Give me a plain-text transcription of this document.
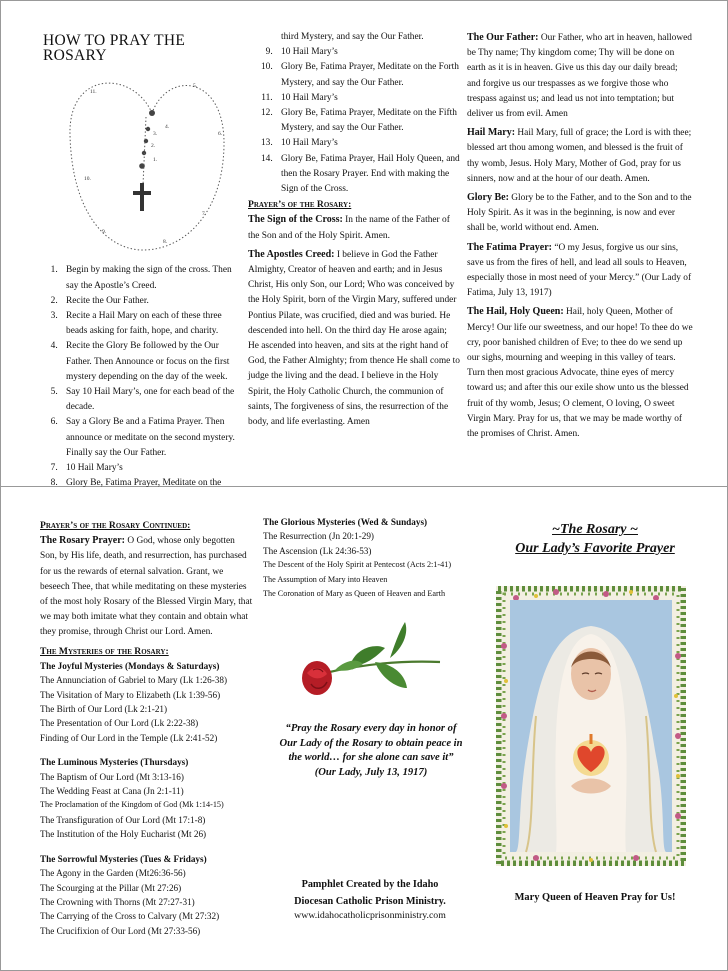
HOW TO PRAY THE ROSARY
1.
2.
3.
4.
5.
6.
7.
8.
9.
10.
11.
1. Begin by making the sign of the cross. Then say the Apostle’s Creed.
2. Recite the Our Father.
3. Recite a Hail Mary on each of these three beads asking for faith, hope, and charity.
4. Recite the Glory Be followed by the Our Father. Then Announce or focus on the first mystery depending on the day of the week.
5. Say 10 Hail Mary’s, one for each bead of the decade.
6. Say a Glory Be and a Fatima Prayer. Then announce or meditate on the second mystery. Finally say the Our Father.
7. 10 Hail Mary’s
8. Glory Be, Fatima Prayer, Meditate on the
third Mystery, and say the Our Father.
9. 10 Hail Mary’s
10. Glory Be, Fatima Prayer, Meditate on the Forth Mystery, and say the Our Father.
11. 10 Hail Mary’s
12. Glory Be, Fatima Prayer, Meditate on the Fifth Mystery, and say the Our Father.
13. 10 Hail Mary’s
14. Glory Be, Fatima Prayer, Hail Holy Queen, and then the Rosary Prayer. End with making the Sign of the Cross.
Prayer’s of the Rosary:

The Sign of the Cross: In the name of the Father of the Son and of the Holy Spirit. Amen.

The Apostles Creed: I believe in God the Father Almighty, Creator of heaven and earth; and in Jesus Christ, His only Son, our Lord; Who was conceived by the Holy Spirit, born of the Virgin Mary, suffered under Pontius Pilate, was crucified, died and was buried. He descended into hell. On the third day He arose again; He ascended into heaven, and sits at the right hand of God, the Father Almighty; from thence He shall come to judge the living and the dead. I believe in the Holy Spirit, the Holy Catholic Church, the communion of saints, The forgiveness of sins, the resurrection of the body, and life everlasting. Amen

The Our Father: Our Father, who art in heaven, hallowed be Thy name; Thy kingdom come; Thy will be done on earth as it is in heaven. Give us this day our daily bread; and forgive us our trespasses as we forgive those who trespass against us; and lead us not into temptation; but deliver us from evil. Amen

Hail Mary: Hail Mary, full of grace; the Lord is with thee; blessed art thou among women, and blessed is the fruit of thy womb, Jesus. Holy Mary, Mother of God, pray for us sinners, now and at the hour of our death. Amen.

Glory Be: Glory be to the Father, and to the Son and to the Holy Spirit. As it was in the beginning, is now and ever shall be, world without end. Amen.

The Fatima Prayer: “O my Jesus, forgive us our sins, save us from the fires of hell, and lead all souls to Heaven, especially those in most need of your Mercy.” (Our Lady of Fatima, July 13, 1917)

The Hail, Holy Queen: Hail, holy Queen, Mother of Mercy! Our life our sweetness, and our hope! To thee do we cry, poor banished children of Eve; to thee do we send up our sighs, mourning and weeping in this valley of tears. Turn then most gracious Advocate, thine eyes of mercy toward us; and after this our exile show unto us the blessed fruit of thy womb, Jesus; O clement, O loving, O sweet Virgin Mary. Pray for us, that we may be made worthy of the promises of Christ. Amen.

Prayer’s of the Rosary Continued:

The Rosary Prayer: O God, whose only begotten Son, by His life, death, and resurrection, has purchased for us the rewards of eternal salvation. Grant, we beseech Thee, that while meditating on these mysteries of the most holy Rosary of the Blessed Virgin Mary, that we may both imitate what they contain and obtain what they promise, through Christ our Lord. Amen.

The Mysteries of the Rosary:
The Joyful Mysteries (Mondays & Saturdays)
The Annunciation of Gabriel to Mary (Lk 1:26-38)
The Visitation of Mary to Elizabeth (Lk 1:39-56)
The Birth of Our Lord (Lk 2:1-21)
The Presentation of Our Lord (Lk 2:22-38)
Finding of Our Lord in the Temple (Lk 2:41-52)
The Luminous Mysteries (Thursdays)
The Baptism of Our Lord (Mt 3:13-16)
The Wedding Feast at Cana (Jn 2:1-11)
The Proclamation of the Kingdom of God (Mk 1:14-15)
The Transfiguration of Our Lord (Mt 17:1-8)
The Institution of the Holy Eucharist (Mt 26)
The Sorrowful Mysteries (Tues & Fridays)
The Agony in the Garden (Mt26:36-56)
The Scourging at the Pillar (Mt 27:26)
The Crowning with Thorns (Mt 27:27-31)
The Carrying of the Cross to Calvary (Mt 27:32)
The Crucifixion of Our Lord (Mt 27:33-56)
The Glorious Mysteries (Wed & Sundays)
The Resurrection (Jn 20:1-29)
The Ascension (Lk 24:36-53)
The Descent of the Holy Spirit at Pentecost (Acts 2:1-41)
The Assumption of Mary into Heaven
The Coronation of Mary as Queen of Heaven and Earth
“Pray the Rosary every day in honor of
Our Lady of the Rosary to obtain peace in
the world… for she alone can save it”
(Our Lady, July 13, 1917)
Pamphlet Created by the Idaho
Diocesan Catholic Prison Ministry.
www.idahocatholicprisonministry.com
~The Rosary ~
Our Lady’s Favorite Prayer
Mary Queen of Heaven Pray for Us!
